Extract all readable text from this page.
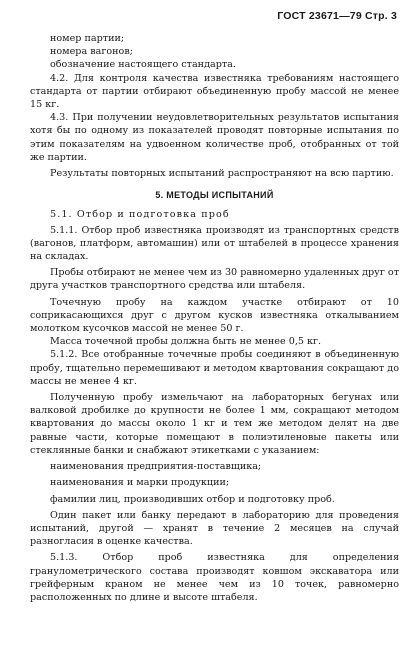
ГОСТ 23671—79 Стр. 3

номер партии;

номера вагонов;

обозначение настоящего стандарта.

4.2. Для контроля качества известняка требованиям настоящего стандарта от партии отбирают объединенную пробу массой не менее 15 кг.

4.3. При получении неудовлетворительных результатов испытания хотя бы по одному из показателей проводят повторные испытания по этим показателям на удвоенном количестве проб, отобранных от той же партии.

Результаты повторных испытаний распространяют на всю партию.

5. МЕТОДЫ ИСПЫТАНИЙ

5.1. Отбор и подготовка проб

5.1.1. Отбор проб известняка производят из транспортных средств (вагонов, платформ, автомашин) или от штабелей в процессе хранения на складах.

Пробы отбирают не менее чем из 30 равномерно удаленных друг от друга участков транспортного средства или штабеля.

Точечную пробу на каждом участке отбирают от 10 соприкасающихся друг с другом кусков известняка откалыванием молотком кусочков массой не менее 50 г.

Масса точечной пробы должна быть не менее 0,5 кг.

5.1.2. Все отобранные точечные пробы соединяют в объединенную пробу, тщательно перемешивают и методом квартования сокращают до массы не менее 4 кг.

Полученную пробу измельчают на лабораторных бегунах или валковой дробилке до крупности не более 1 мм, сокращают методом квартования до массы около 1 кг и тем же методом делят на две равные части, которые помещают в полиэтиленовые пакеты или стеклянные банки и снабжают этикетками с указанием:

наименования предприятия-поставщика;

наименования и марки продукции;

фамилии лиц, производивших отбор и подготовку проб.

Один пакет или банку передают в лабораторию для проведения испытаний, другой — хранят в течение 2 месяцев на случай разногласия в оценке качества.

5.1.3. Отбор проб известняка для определения гранулометрического состава производят ковшом экскаватора или грейферным краном не менее чем из 10 точек, равномерно расположенных по длине и высоте штабеля.
